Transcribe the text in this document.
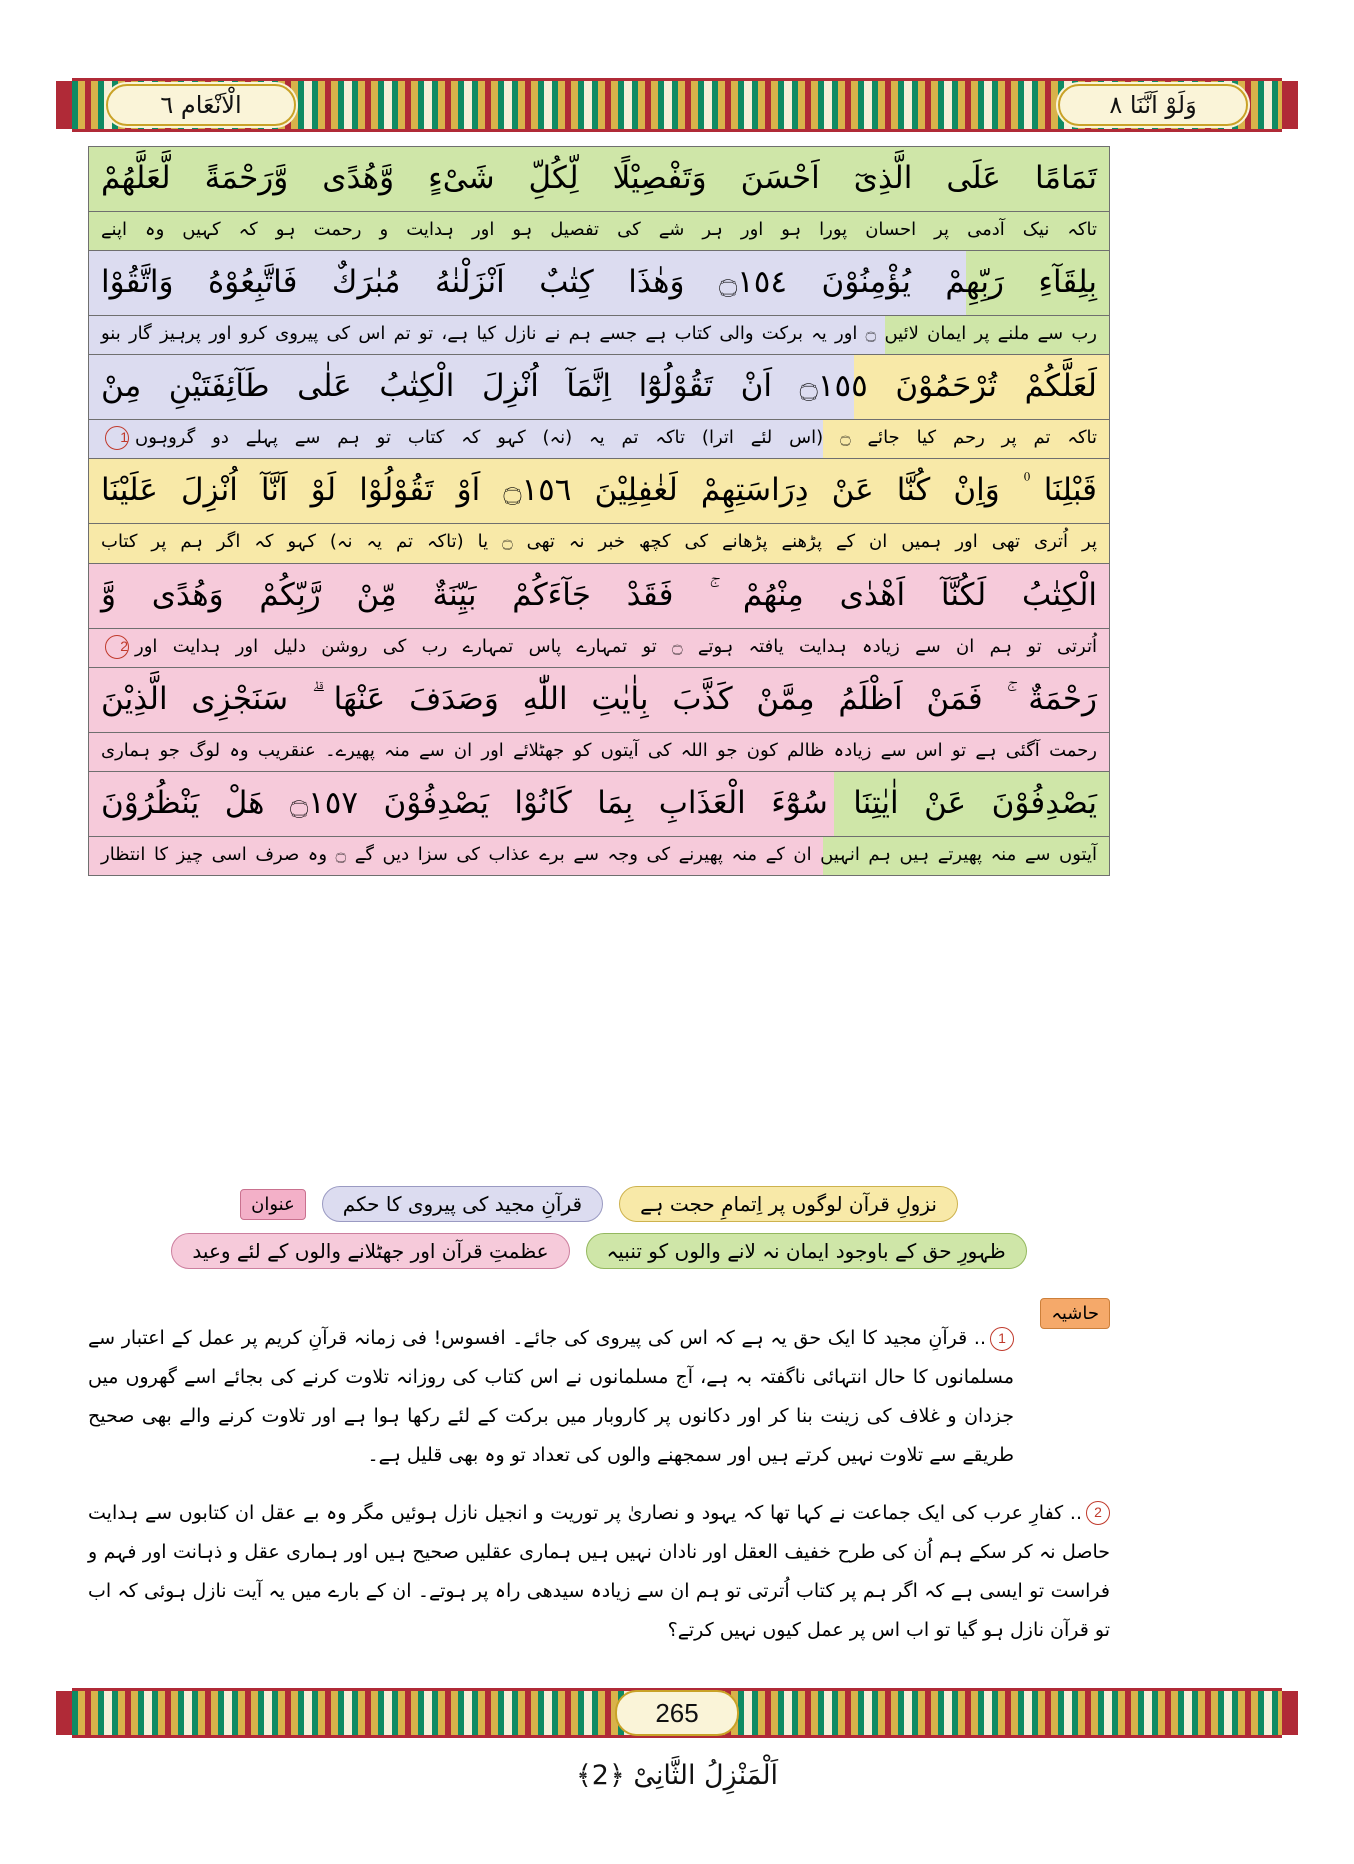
الْاَنْعَام ٦	وَلَوْ اَنَّنَا ٨
تَمَامًا عَلَى الَّذِىٓ اَحْسَنَ وَتَفْصِيْلًا لِّكُلِّ شَىْءٍ وَّهُدًى وَّرَحْمَةً لَّعَلَّهُمْ
تاکہ نیک آدمی پر احسان پورا ہو اور ہر شے کی تفصیل ہو اور ہدایت و رحمت ہو کہ کہیں وہ اپنے
بِلِقَآءِ رَبِّهِمْ يُؤْمِنُوْنَ ۝١٥٤ وَهٰذَا كِتٰبٌ اَنْزَلْنٰهُ مُبٰرَكٌ فَاتَّبِعُوْهُ وَاتَّقُوْا
رب سے ملنے پر ایمان لائیں ۝ اور یہ برکت والی کتاب ہے جسے ہم نے نازل کیا ہے، تو تم اس کی پیروی کرو اور پرہیز گار بنو
لَعَلَّكُمْ تُرْحَمُوْنَ ۝١٥٥ اَنْ تَقُوْلُوْٓا اِنَّمَآ اُنْزِلَ الْكِتٰبُ عَلٰى طَآئِفَتَيْنِ مِنْ
تاکہ تم پر رحم کیا جائے ۝ (اس لئے اترا) تاکہ تم یہ (نہ) کہو کہ کتاب تو ہم سے پہلے دو گروہوں1
قَبْلِنَا ۠ وَاِنْ كُنَّا عَنْ دِرَاسَتِهِمْ لَغٰفِلِيْنَ ۝١٥٦ اَوْ تَقُوْلُوْا لَوْ اَنَّآ اُنْزِلَ عَلَيْنَا
پر اُتری تھی اور ہمیں ان کے پڑھنے پڑھانے کی کچھ خبر نہ تھی ۝ یا (تاکہ تم یہ نہ) کہو کہ اگر ہم پر کتاب
الْكِتٰبُ لَكُنَّآ اَهْدٰى مِنْهُمْ ۚ فَقَدْ جَآءَكُمْ بَيِّنَةٌ مِّنْ رَّبِّكُمْ وَهُدًى وَّ
اُترتی تو ہم ان سے زیادہ ہدایت یافتہ ہوتے ۝ تو تمہارے پاس تمہارے رب کی روشن دلیل اور ہدایت اور2
رَحْمَةٌ ۚ فَمَنْ اَظْلَمُ مِمَّنْ كَذَّبَ بِاٰيٰتِ اللّٰهِ وَصَدَفَ عَنْهَا ۗ سَنَجْزِى الَّذِيْنَ
رحمت آگئی ہے تو اس سے زیادہ ظالم کون جو اللہ کی آیتوں کو جھٹلائے اور ان سے منہ پھیرے۔ عنقریب وہ لوگ جو ہماری
يَصْدِفُوْنَ عَنْ اٰيٰتِنَا سُوْٓءَ الْعَذَابِ بِمَا كَانُوْا يَصْدِفُوْنَ ۝١٥٧ هَلْ يَنْظُرُوْنَ
آیتوں سے منہ پھیرتے ہیں ہم انہیں ان کے منہ پھیرنے کی وجہ سے برے عذاب کی سزا دیں گے ۝ وہ صرف اسی چیز کا انتظار
نزولِ قرآن لوگوں پر اِتمامِ حجت ہے
قرآنِ مجید کی پیروی کا حکم
عنوان
ظہورِ حق کے باوجود ایمان نہ لانے والوں کو تنبیہ
عظمتِ قرآن اور جھٹلانے والوں کے لئے وعید
حاشیہ

1.. قرآنِ مجید کا ایک حق یہ ہے کہ اس کی پیروی کی جائے۔ افسوس! فی زمانہ قرآنِ کریم پر عمل کے اعتبار سے مسلمانوں کا حال انتہائی ناگفتہ بہ ہے، آج مسلمانوں نے اس کتاب کی روزانہ تلاوت کرنے کی بجائے اسے گھروں میں جزدان و غلاف کی زینت بنا کر اور دکانوں پر کاروبار میں برکت کے لئے رکھا ہوا ہے اور تلاوت کرنے والے بھی صحیح طریقے سے تلاوت نہیں کرتے ہیں اور سمجھنے والوں کی تعداد تو وہ بھی قلیل ہے۔

2.. کفارِ عرب کی ایک جماعت نے کہا تھا کہ یہود و نصاریٰ پر توریت و انجیل نازل ہوئیں مگر وہ بے عقل ان کتابوں سے ہدایت حاصل نہ کر سکے ہم اُن کی طرح خفیف العقل اور نادان نہیں ہیں ہماری عقلیں صحیح ہیں اور ہماری عقل و ذہانت اور فہم و فراست تو ایسی ہے کہ اگر ہم پر کتاب اُترتی تو ہم ان سے زیادہ سیدھی راہ پر ہوتے۔ ان کے بارے میں یہ آیت نازل ہوئی کہ اب تو قرآن نازل ہو گیا تو اب اس پر عمل کیوں نہیں کرتے؟

265
اَلْمَنْزِلُ الثَّانِیْ ﴿2﴾
